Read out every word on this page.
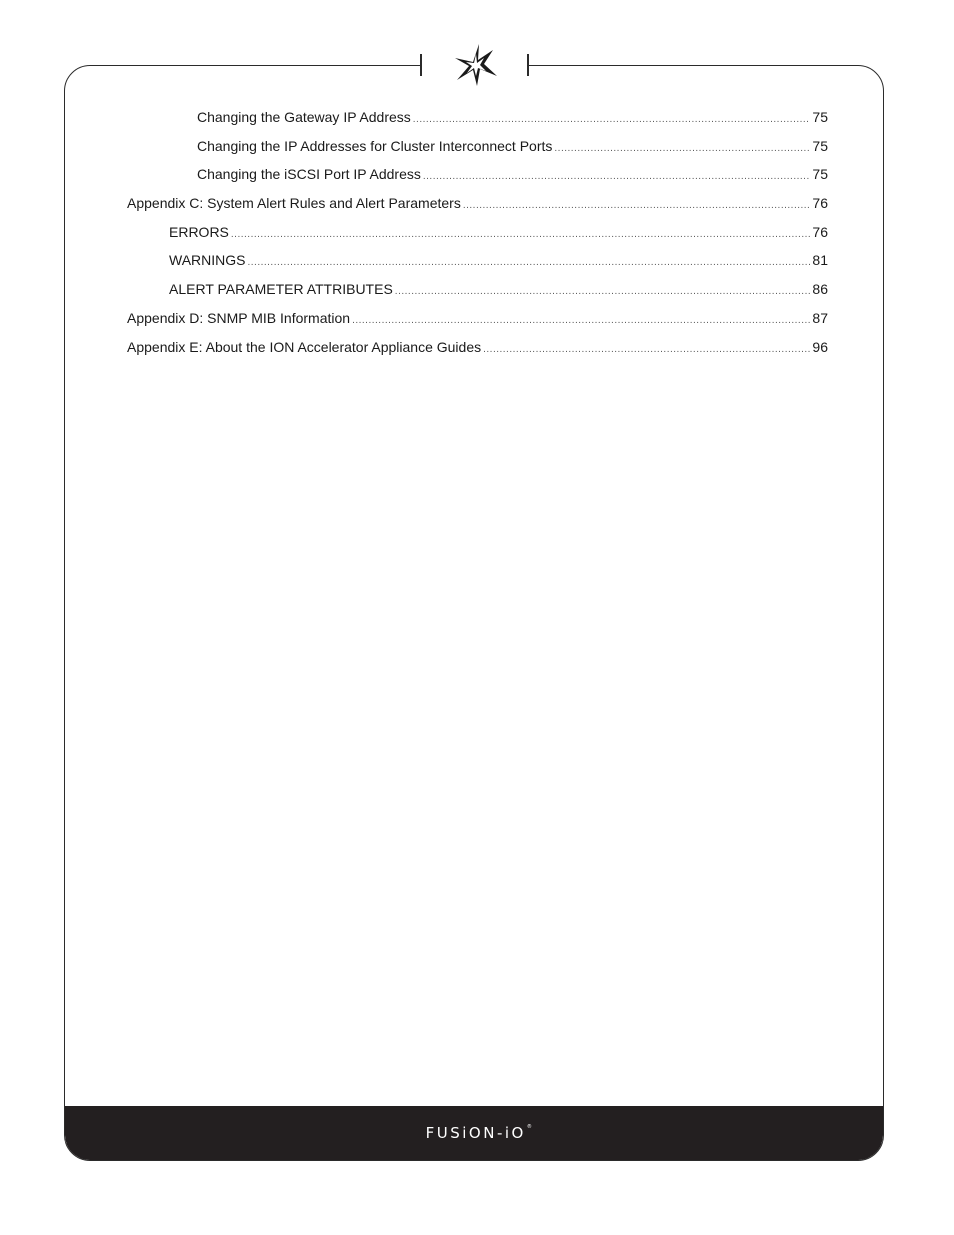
FUSiON-iO®
Changing the Gateway IP Address .....	75
Changing the IP Addresses for Cluster Interconnect Ports .....	75
Changing the iSCSI Port IP Address .....	75
Appendix C: System Alert Rules and Alert Parameters .....	76
ERRORS .....	76
WARNINGS .....	81
ALERT PARAMETER ATTRIBUTES .....	86
Appendix D: SNMP MIB Information .....	87
Appendix E: About the ION Accelerator Appliance Guides .....	96
